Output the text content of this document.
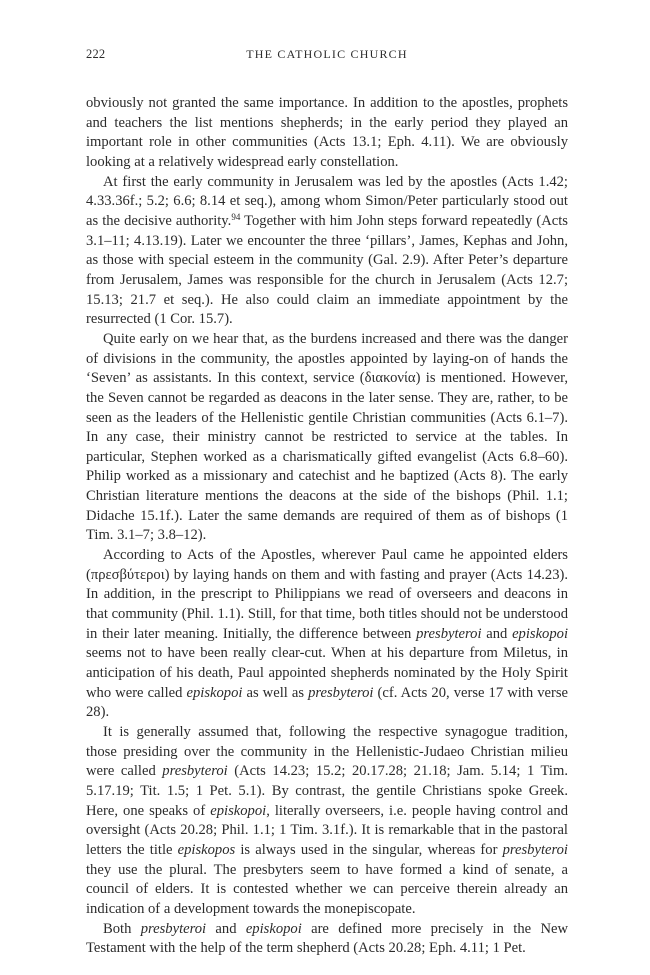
222	THE CATHOLIC CHURCH

obviously not granted the same importance. In addition to the apostles, prophets and teachers the list mentions shepherds; in the early period they played an important role in other communities (Acts 13.1; Eph. 4.11). We are obviously looking at a relatively widespread early constellation.

At first the early community in Jerusalem was led by the apostles (Acts 1.42; 4.33.36f.; 5.2; 6.6; 8.14 et seq.), among whom Simon/Peter particularly stood out as the decisive authority.$^{94}$ Together with him John steps forward repeatedly (Acts 3.1–11; 4.13.19). Later we encounter the three ‘pillars’, James, Kephas and John, as those with special esteem in the community (Gal. 2.9). After Peter’s departure from Jerusalem, James was responsible for the church in Jerusalem (Acts 12.7; 15.13; 21.7 et seq.). He also could claim an immediate appointment by the resurrected (1 Cor. 15.7).

Quite early on we hear that, as the burdens increased and there was the danger of divisions in the community, the apostles appointed by laying-on of hands the ‘Seven’ as assistants. In this context, service (διακονία) is mentioned. However, the Seven cannot be regarded as deacons in the later sense. They are, rather, to be seen as the leaders of the Hellenistic gentile Christian communities (Acts 6.1–7). In any case, their ministry cannot be restricted to service at the tables. In particular, Stephen worked as a charismatically gifted evangelist (Acts 6.8–60). Philip worked as a missionary and catechist and he baptized (Acts 8). The early Christian literature mentions the deacons at the side of the bishops (Phil. 1.1; Didache 15.1f.). Later the same demands are required of them as of bishops (1 Tim. 3.1–7; 3.8–12).

According to Acts of the Apostles, wherever Paul came he appointed elders (πρεσβύτεροι) by laying hands on them and with fasting and prayer (Acts 14.23). In addition, in the prescript to Philippians we read of overseers and deacons in that community (Phil. 1.1). Still, for that time, both titles should not be understood in their later meaning. Initially, the difference between presbyteroi and episkopoi seems not to have been really clear-cut. When at his departure from Miletus, in anticipation of his death, Paul appointed shepherds nominated by the Holy Spirit who were called episkopoi as well as presbyteroi (cf. Acts 20, verse 17 with verse 28).

It is generally assumed that, following the respective synagogue tradition, those presiding over the community in the Hellenistic-Judaeo Christian milieu were called presbyteroi (Acts 14.23; 15.2; 20.17.28; 21.18; Jam. 5.14; 1 Tim. 5.17.19; Tit. 1.5; 1 Pet. 5.1). By contrast, the gentile Christians spoke Greek. Here, one speaks of episkopoi, literally overseers, i.e. people having control and oversight (Acts 20.28; Phil. 1.1; 1 Tim. 3.1f.). It is remarkable that in the pastoral letters the title episkopos is always used in the singular, whereas for presbyteroi they use the plural. The presbyters seem to have formed a kind of senate, a council of elders. It is contested whether we can perceive therein already an indication of a development towards the monepiscopate.

Both presbyteroi and episkopoi are defined more precisely in the New Testament with the help of the term shepherd (Acts 20.28; Eph. 4.11; 1 Pet.
